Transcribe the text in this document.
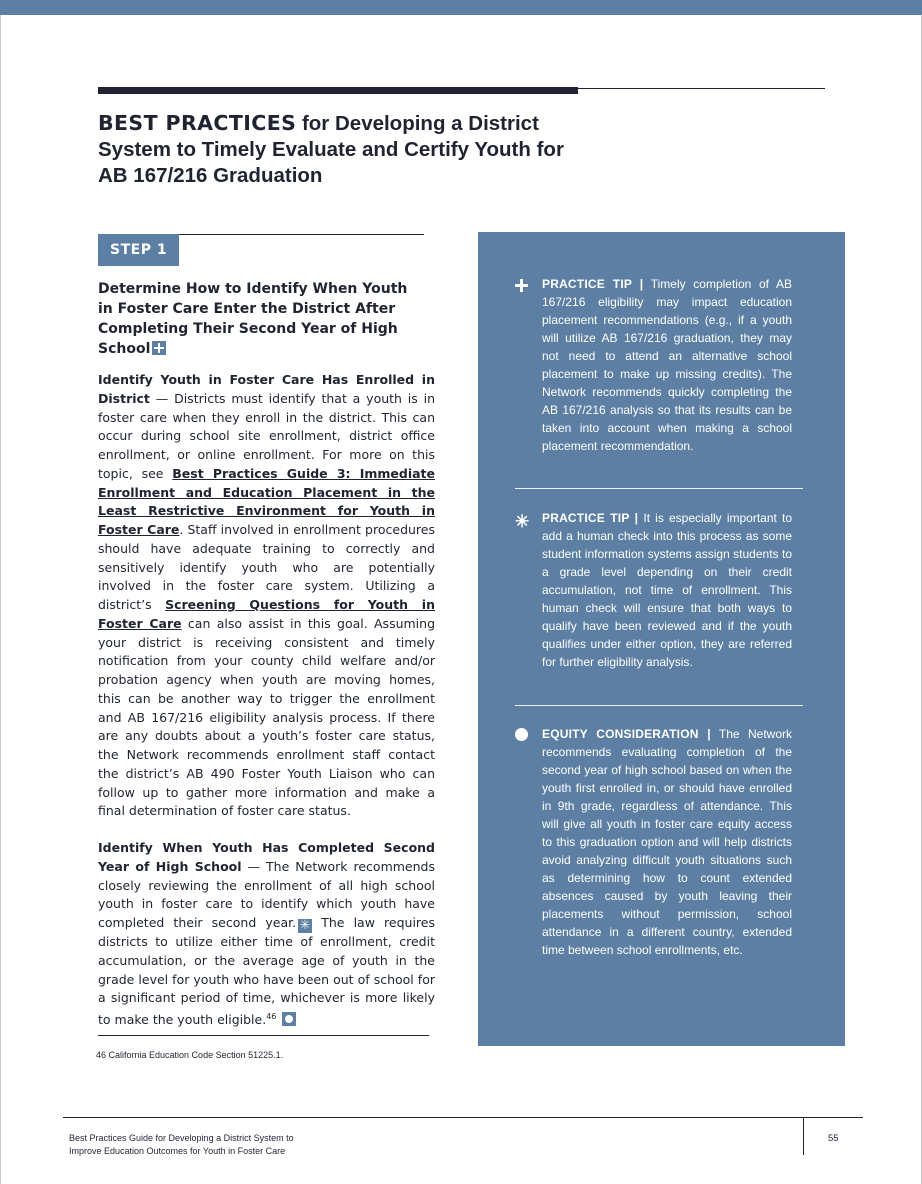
BEST PRACTICES for Developing a District System to Timely Evaluate and Certify Youth for AB 167/216 Graduation
STEP 1
Determine How to Identify When Youth in Foster Care Enter the District After Completing Their Second Year of High School

Identify Youth in Foster Care Has Enrolled in District — Districts must identify that a youth is in foster care when they enroll in the district. This can occur during school site enrollment, district office enrollment, or online enrollment. For more on this topic, see Best Practices Guide 3: Immediate Enrollment and Education Placement in the Least Restrictive Environment for Youth in Foster Care. Staff involved in enrollment procedures should have adequate training to correctly and sensitively identify youth who are potentially involved in the foster care system. Utilizing a district’s Screening Questions for Youth in Foster Care can also assist in this goal. Assuming your district is receiving consistent and timely notification from your county child welfare and/or probation agency when youth are moving homes, this can be another way to trigger the enrollment and AB 167/216 eligibility analysis process. If there are any doubts about a youth’s foster care status, the Network recommends enrollment staff contact the district’s AB 490 Foster Youth Liaison who can follow up to gather more information and make a final determination of foster care status.

Identify When Youth Has Completed Second Year of High School — The Network recommends closely reviewing the enrollment of all high school youth in foster care to identify which youth have completed their second year. ✳ The law requires districts to utilize either time of enrollment, credit accumulation, or the average age of youth in the grade level for youth who have been out of school for a significant period of time, whichever is more likely to make the youth eligible.$^{46}$

46 California Education Code Section 51225.1.
PRACTICE TIP | Timely completion of AB 167/216 eligibility may impact education placement recommendations (e.g., if a youth will utilize AB 167/216 graduation, they may not need to attend an alternative school placement to make up missing credits). The Network recommends quickly completing the AB 167/216 analysis so that its results can be taken into account when making a school placement recommendation.
✳ PRACTICE TIP | It is especially important to add a human check into this process as some student information systems assign students to a grade level depending on their credit accumulation, not time of enrollment. This human check will ensure that both ways to qualify have been reviewed and if the youth qualifies under either option, they are referred for further eligibility analysis.
EQUITY CONSIDERATION | The Network recommends evaluating completion of the second year of high school based on when the youth first enrolled in, or should have enrolled in 9th grade, regardless of attendance. This will give all youth in foster care equity access to this graduation option and will help districts avoid analyzing difficult youth situations such as determining how to count extended absences caused by youth leaving their placements without permission, school attendance in a different country, extended time between school enrollments, etc.
Best Practices Guide for Developing a District System to
Improve Education Outcomes for Youth in Foster Care
55
